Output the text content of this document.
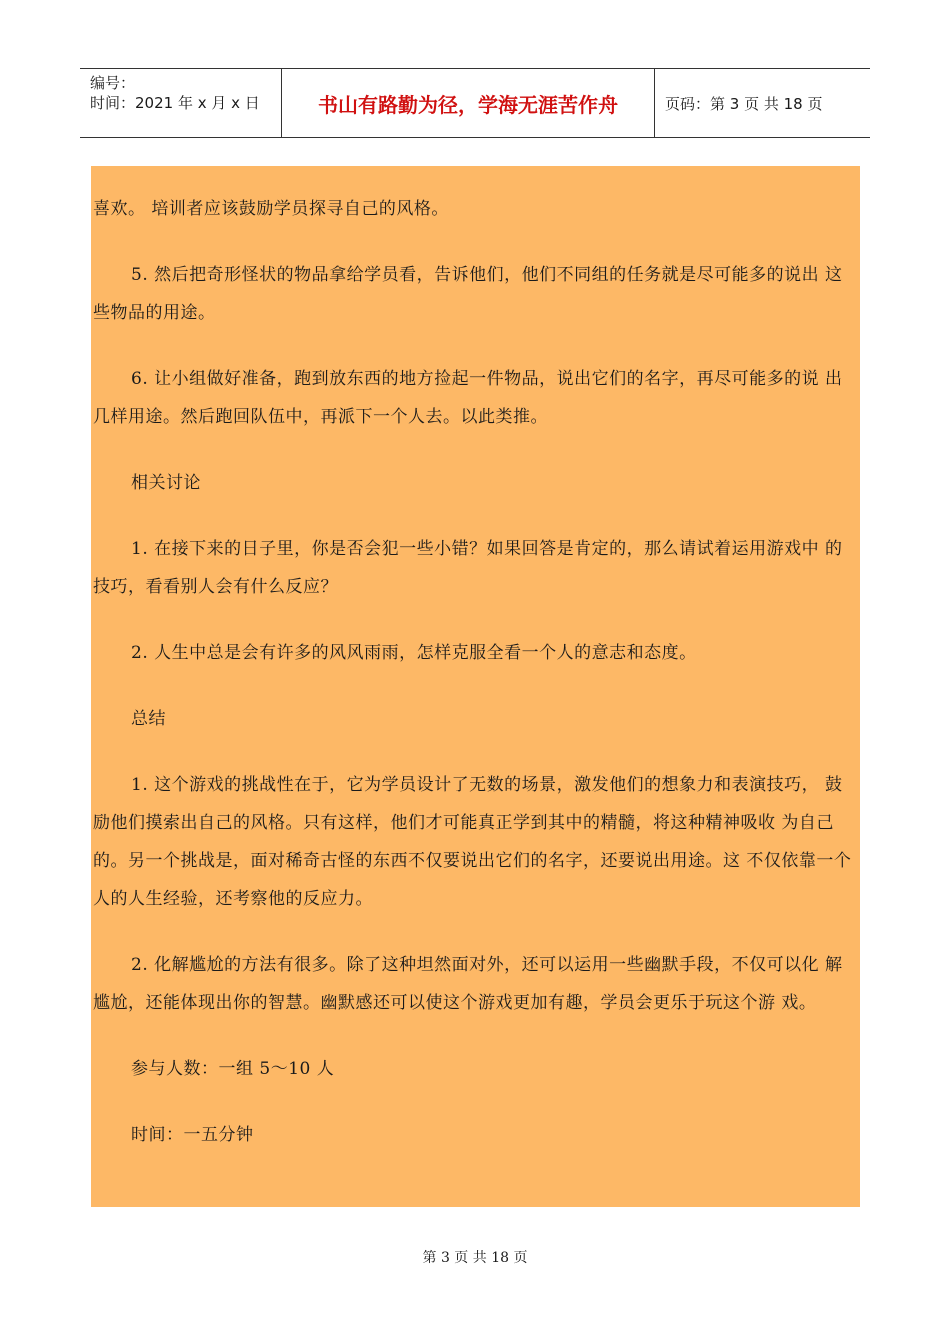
编号：
时间：2021 年 x 月 x 日	书山有路勤为径，学海无涯苦作舟	页码：第 3 页 共 18 页

喜欢。 培训者应该鼓励学员探寻自己的风格。

5. 然后把奇形怪状的物品拿给学员看，告诉他们，他们不同组的任务就是尽可能多的说出 这些物品的用途。

6. 让小组做好准备，跑到放东西的地方捡起一件物品，说出它们的名字，再尽可能多的说 出几样用途。然后跑回队伍中，再派下一个人去。以此类推。

相关讨论

1. 在接下来的日子里，你是否会犯一些小错？如果回答是肯定的，那么请试着运用游戏中 的技巧，看看别人会有什么反应？

2. 人生中总是会有许多的风风雨雨，怎样克服全看一个人的意志和态度。

总结

1. 这个游戏的挑战性在于，它为学员设计了无数的场景，激发他们的想象力和表演技巧， 鼓励他们摸索出自己的风格。只有这样，他们才可能真正学到其中的精髓，将这种精神吸收 为自己的。另一个挑战是，面对稀奇古怪的东西不仅要说出它们的名字，还要说出用途。这 不仅依靠一个人的人生经验，还考察他的反应力。

2. 化解尴尬的方法有很多。除了这种坦然面对外，还可以运用一些幽默手段，不仅可以化 解尴尬，还能体现出你的智慧。幽默感还可以使这个游戏更加有趣，学员会更乐于玩这个游 戏。

参与人数：一组 5～10 人

时间：一五分钟

第 3 页 共 18 页
